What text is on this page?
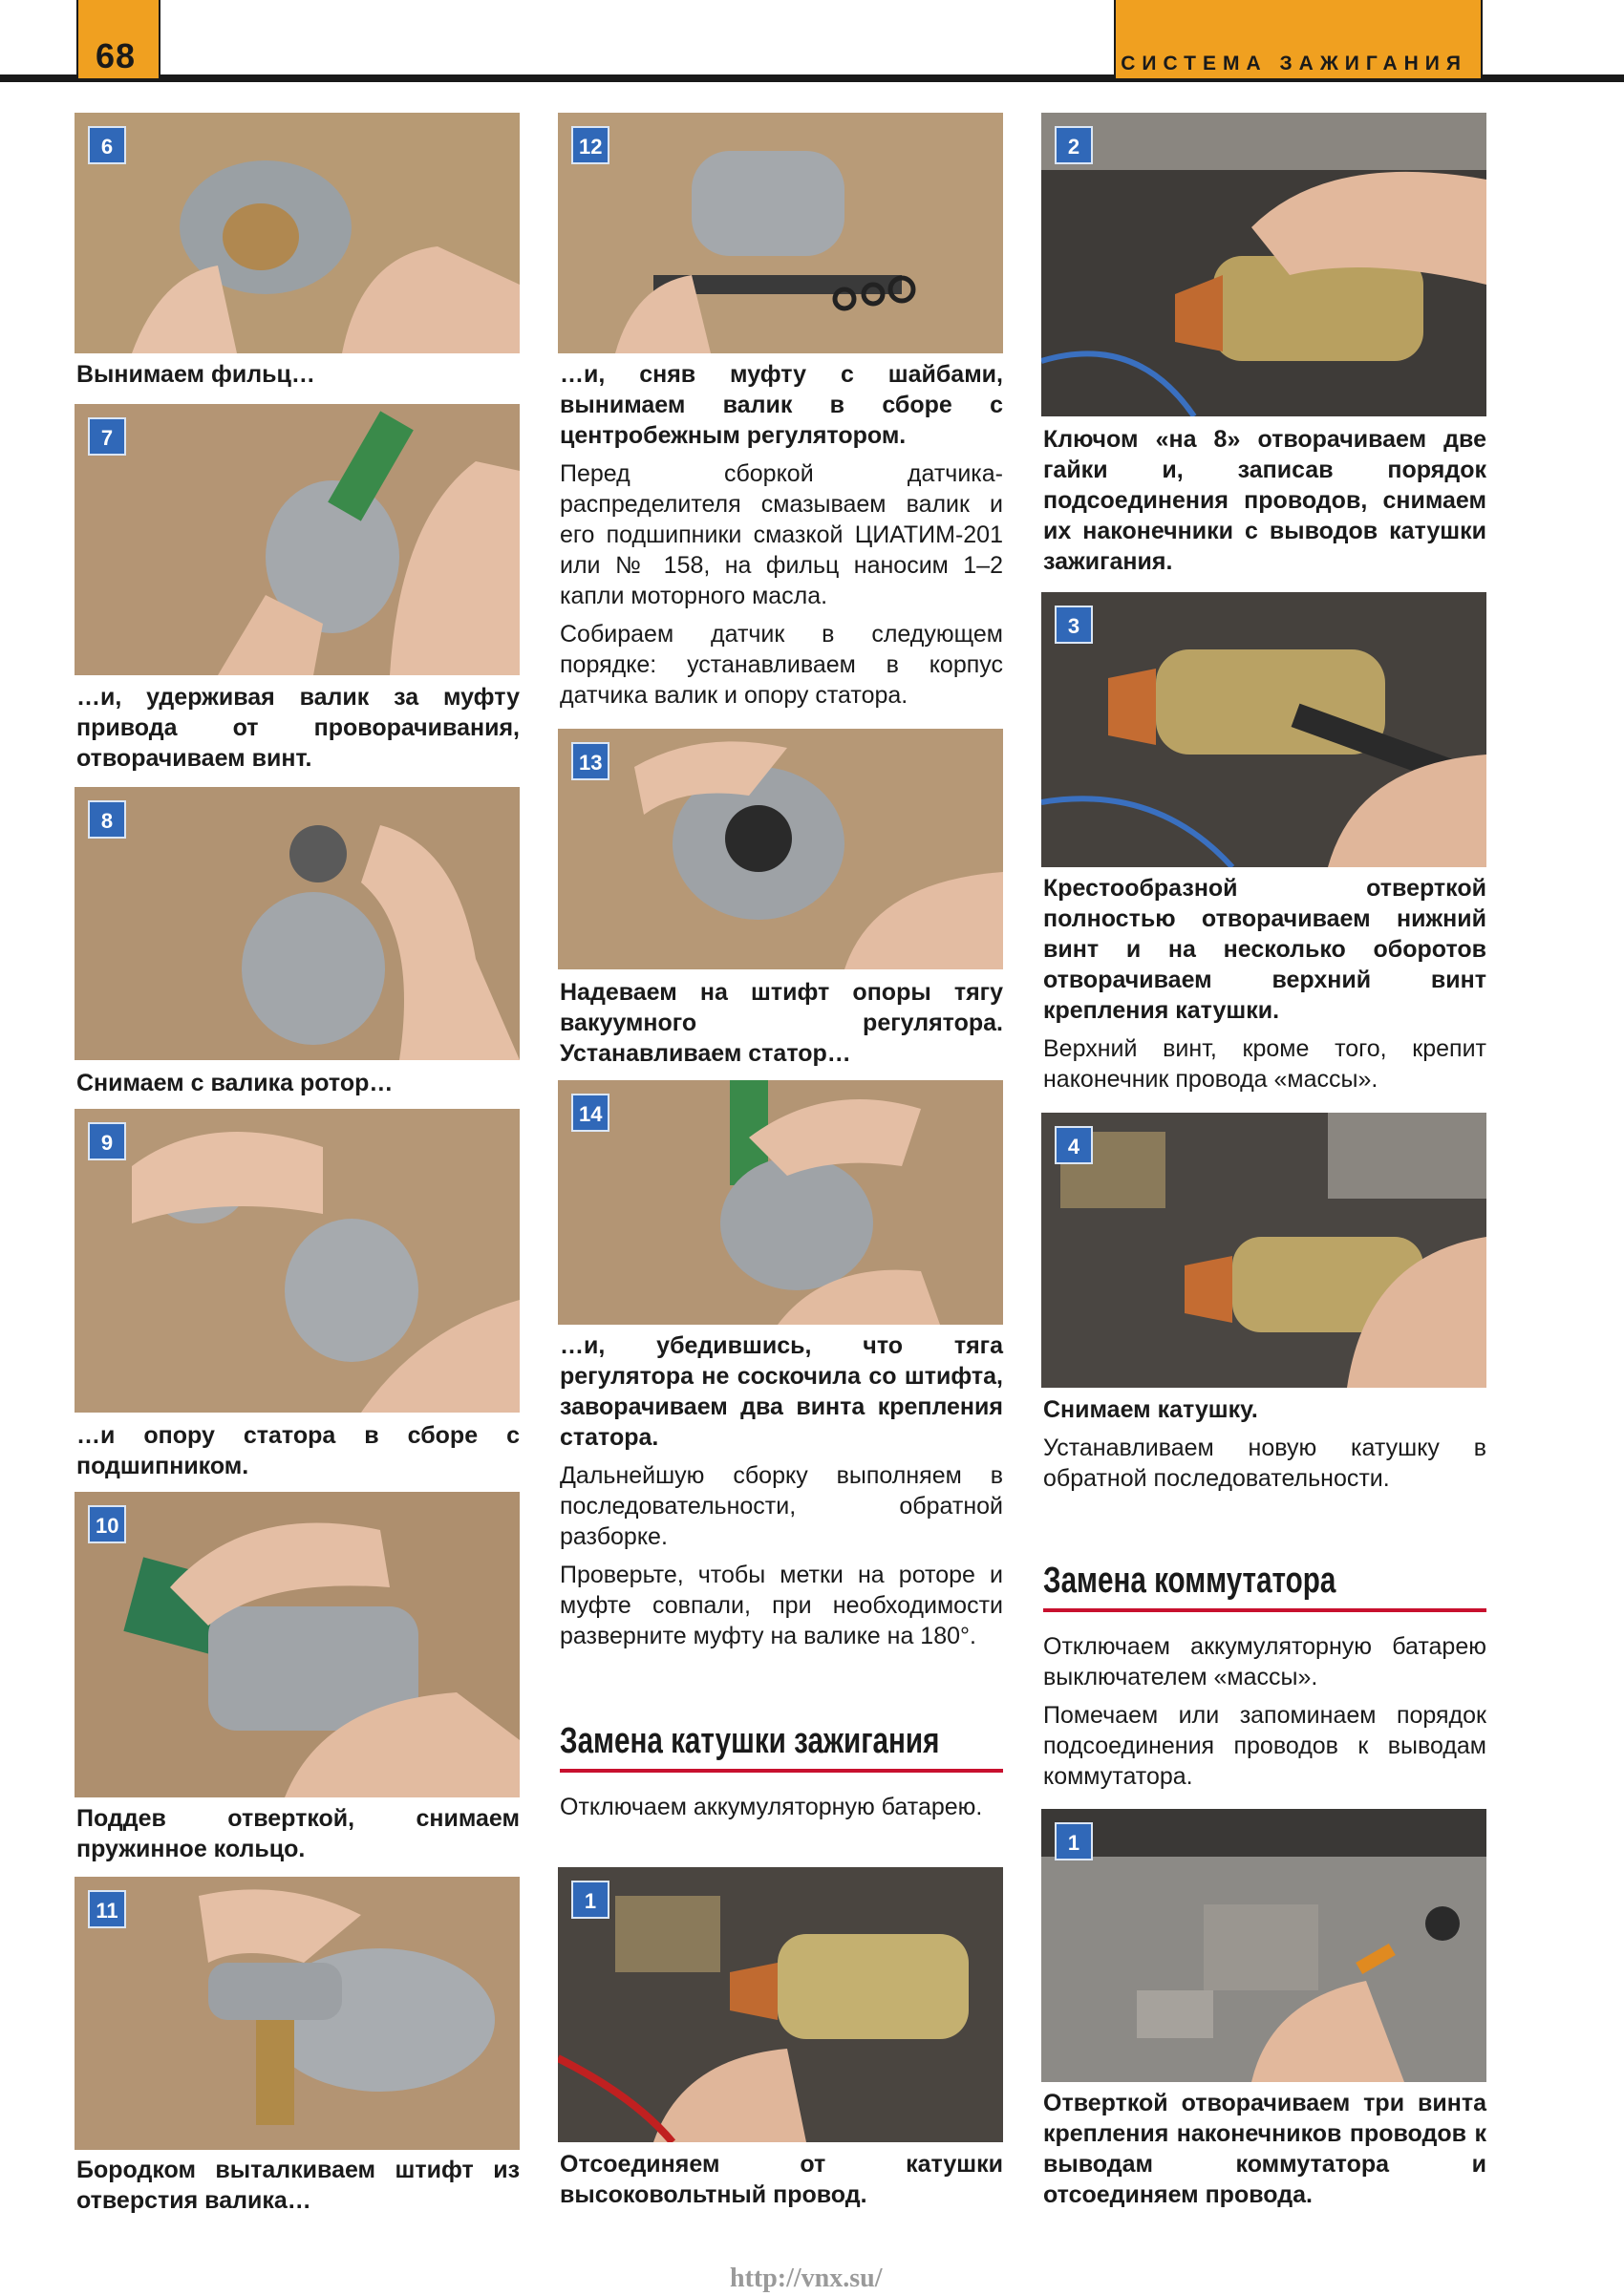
68	СИСТЕМА ЗАЖИГАНИЯ
6
Вынимаем фильц…
7
…и, удерживая валик за муфту привода от проворачивания, отворачиваем винт.
8
Снимаем с валика ротор…
9
…и опору статора в сборе с подшипником.
10
Поддев отверткой, снимаем пружинное кольцо.
11
Бородком выталкиваем штифт из отверстия валика…
12
…и, сняв муфту с шайбами, вынимаем валик в сборе с центробежным регулятором.
Перед сборкой датчика-распределителя смазываем валик и его подшипники смазкой ЦИАТИМ-201 или № 158, на фильц наносим 1–2 капли моторного масла.
Собираем датчик в следующем порядке: устанавливаем в корпус датчика валик и опору статора.
13
Надеваем на штифт опоры тягу вакуумного регулятора. Устанавливаем статор…
14
…и, убедившись, что тяга регулятора не соскочила со штифта, заворачиваем два винта крепления статора.
Дальнейшую сборку выполняем в последовательности, обратной разборке.
Проверьте, чтобы метки на роторе и муфте совпали, при необходимости разверните муфту на валике на 180°.
Замена катушки зажигания
Отключаем аккумуляторную батарею.
1
Отсоединяем от катушки высоковольтный провод.
2
Ключом «на 8» отворачиваем две гайки и, записав порядок подсоединения проводов, снимаем их наконечники с выводов катушки зажигания.
3
Крестообразной отверткой полностью отворачиваем нижний винт и на несколько оборотов отворачиваем верхний винт крепления катушки.
Верхний винт, кроме того, крепит наконечник провода «массы».
4
Снимаем катушку.
Устанавливаем новую катушку в обратной последовательности.
Замена коммутатора
Отключаем аккумуляторную батарею выключателем «массы».
Помечаем или запоминаем порядок подсоединения проводов к выводам коммутатора.
1
Отверткой отворачиваем три винта крепления наконечников проводов к выводам коммутатора и отсоединяем провода.
http://vnx.su/
